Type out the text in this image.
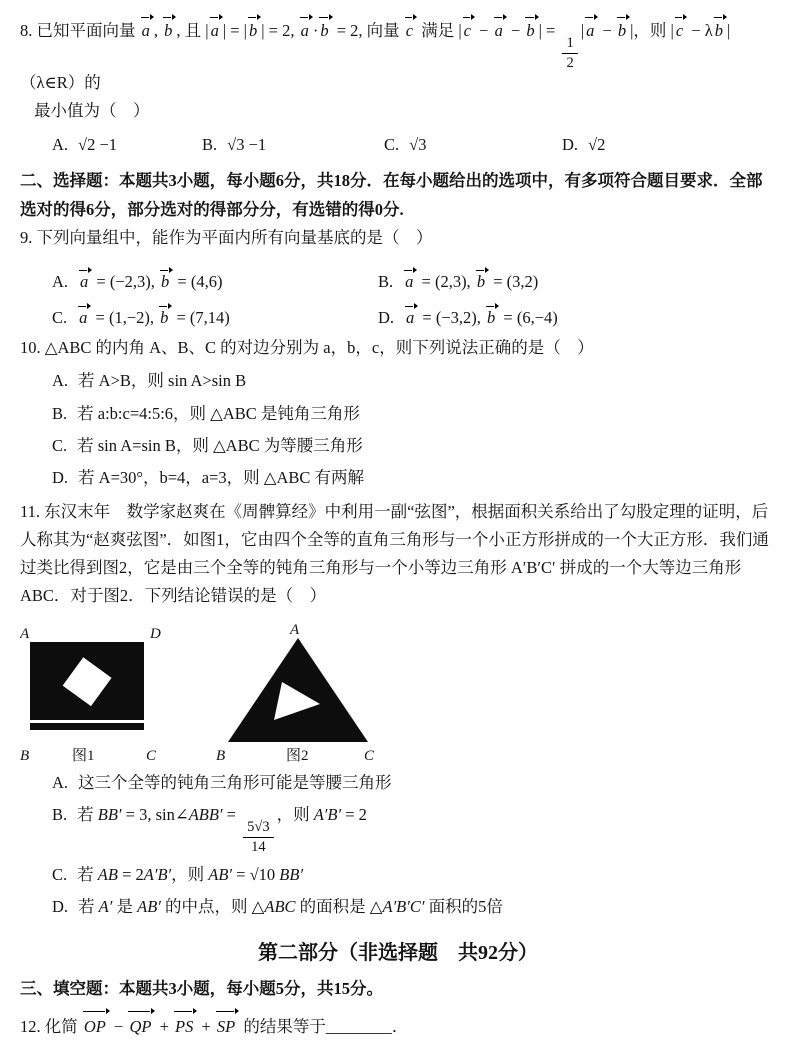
8. 已知平面向量 a , b , 且 | a | = | b | = 2, a · b = 2, 向量 c 满足 | c − a − b | =
$\frac{1}{2}$
| a − b |，则 | c − λ b |（λ∈R）的

最小值为（　）

A. √2 −1	B. √3 −1	C. √3	D. √2

二、选择题：本题共3小题，每小题6分，共18分．在每小题给出的选项中，有多项符合题目要求．全部选对的得6分，部分选对的得部分分，有选错的得0分.

9. 下列向量组中，能作为平面内所有向量基底的是（　）

A. a = (−2,3), b = (4,6)	B. a = (2,3), b = (3,2)
C. a = (1,−2), b = (7,14)	D. a = (−3,2), b = (6,−4)

10. △ABC 的内角 A、B、C 的对边分别为 a，b，c，则下列说法正确的是（　）

A. 若 A>B，则 sin A>sin B

B. 若 a:b:c=4:5:6，则 △ABC 是钝角三角形

C. 若 sin A=sin B，则 △ABC 为等腰三角形

D. 若 A=30°，b=4，a=3，则 △ABC 有两解

11. 东汉末年　数学家赵爽在《周髀算经》中利用一副“弦图”，根据面积关系给出了勾股定理的证明，后人称其为“赵爽弦图”．如图1，它由四个全等的直角三角形与一个小正方形拼成的一个大正方形．我们通过类比得到图2，它是由三个全等的钝角三角形与一个小等边三角形 A′B′C′ 拼成的一个大等边三角形 ABC．对于图2．下列结论错误的是（　）

A	D
B	C
图1
A
B	C
图2

A. 这三个全等的钝角三角形可能是等腰三角形

B. 若 BB′ = 3, sin∠ABB′ =
$\frac{5√3}{14}$
，则 A′B′ = 2

C. 若 AB = 2A′B′，则 AB′ = √10 BB′

D. 若 A′ 是 AB′ 的中点，则 △ABC 的面积是 △A′B′C′ 面积的5倍

第二部分（非选择题　共92分）

三、填空题：本题共3小题，每小题5分，共15分。

12. 化简 OP − QP + PS + SP 的结果等于________．
